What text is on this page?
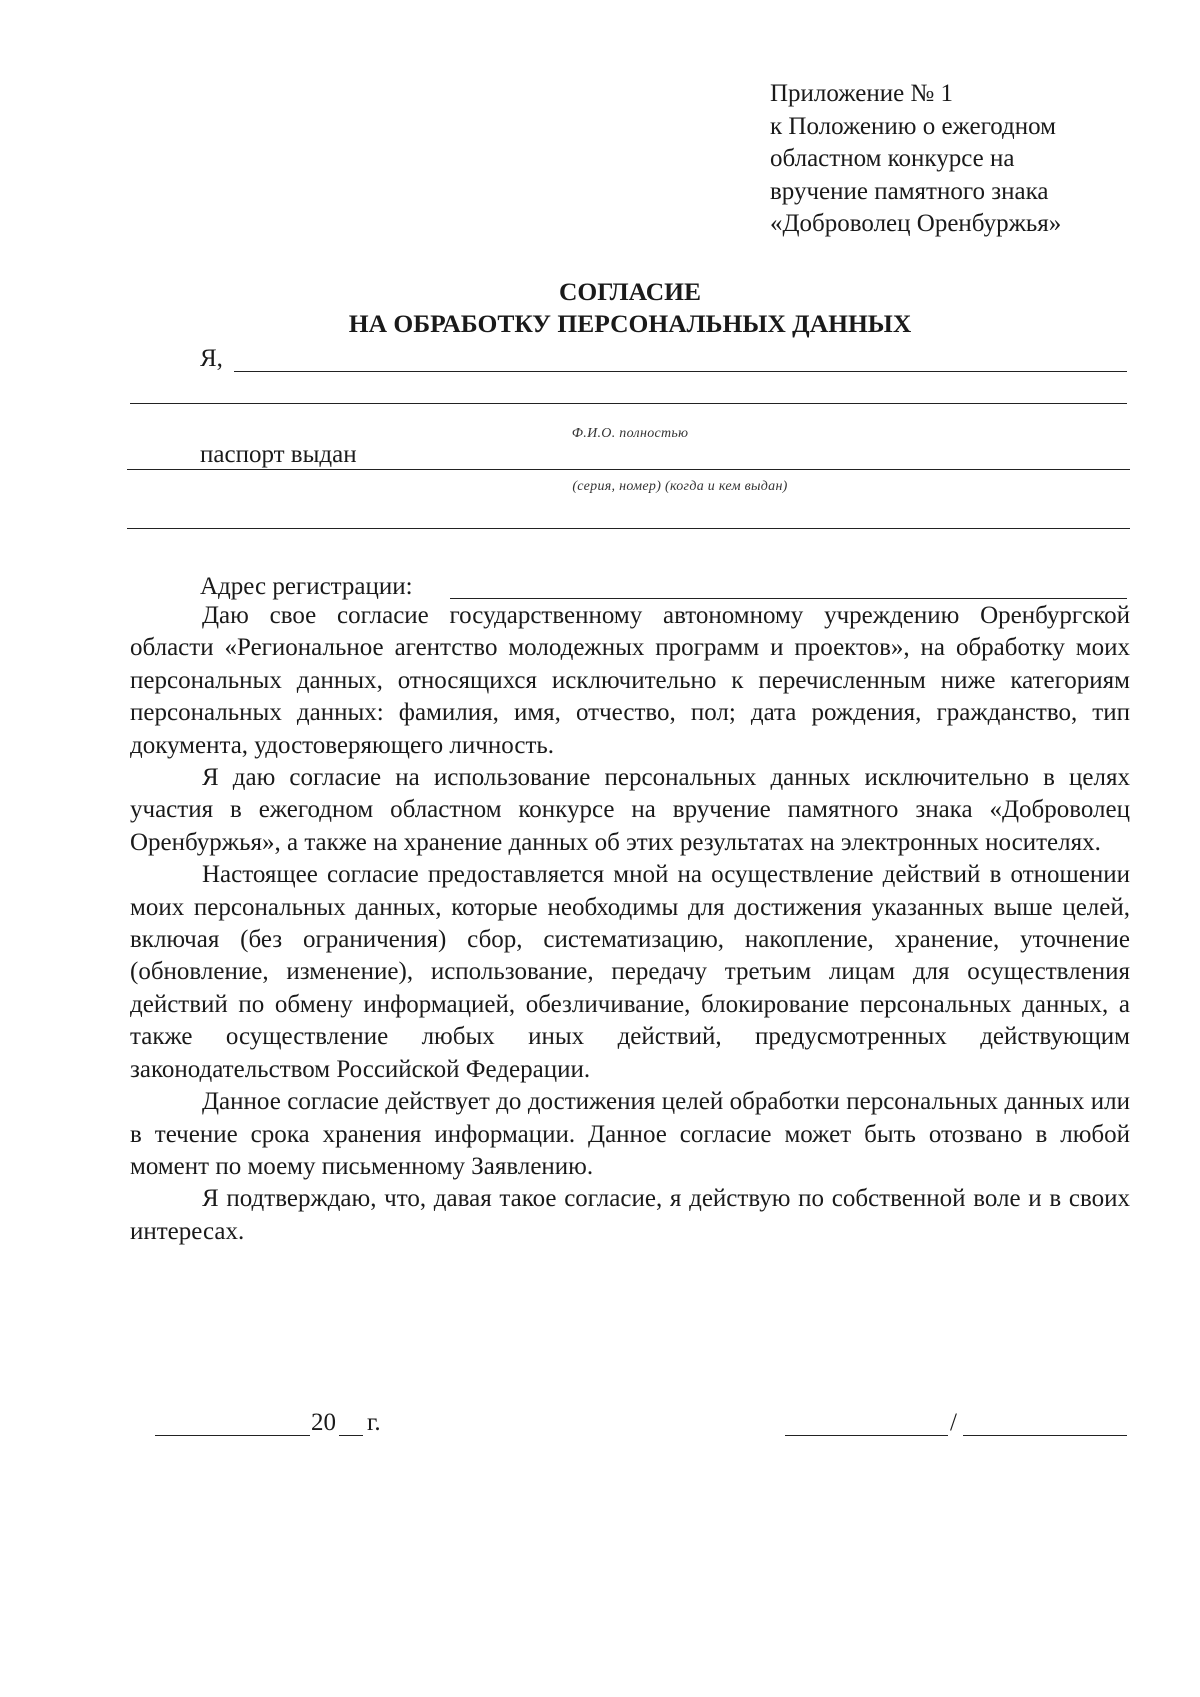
Приложение № 1
к Положению о ежегодном
областном конкурсе на
вручение памятного знака
«Доброволец Оренбуржья»
СОГЛАСИЕ
НА ОБРАБОТКУ ПЕРСОНАЛЬНЫХ ДАННЫХ
Я,
Ф.И.О. полностью
паспорт выдан
(серия, номер) (когда и кем выдан)
Адрес регистрации:

Даю свое согласие государственному автономному учреждению Оренбургской области «Региональное агентство молодежных программ и проектов», на обработку моих персональных данных, относящихся исключительно к перечисленным ниже категориям персональных данных: фамилия, имя, отчество, пол; дата рождения, гражданство, тип документа, удостоверяющего личность.

Я даю согласие на использование персональных данных исключительно в целях участия в ежегодном областном конкурсе на вручение памятного знака «Доброволец Оренбуржья», а также на хранение данных об этих результатах на электронных носителях.

Настоящее согласие предоставляется мной на осуществление действий в отношении моих персональных данных, которые необходимы для достижения указанных выше целей, включая (без ограничения) сбор, систематизацию, накопление, хранение, уточнение (обновление, изменение), использование, передачу третьим лицам для осуществления действий по обмену информацией, обезличивание, блокирование персональных данных, а также осуществление любых иных действий, предусмотренных действующим законодательством Российской Федерации.

Данное согласие действует до достижения целей обработки персональных данных или в течение срока хранения информации. Данное согласие может быть отозвано в любой момент по моему письменному Заявлению.

Я подтверждаю, что, давая такое согласие, я действую по собственной воле и в своих интересах.

20 г.	/
